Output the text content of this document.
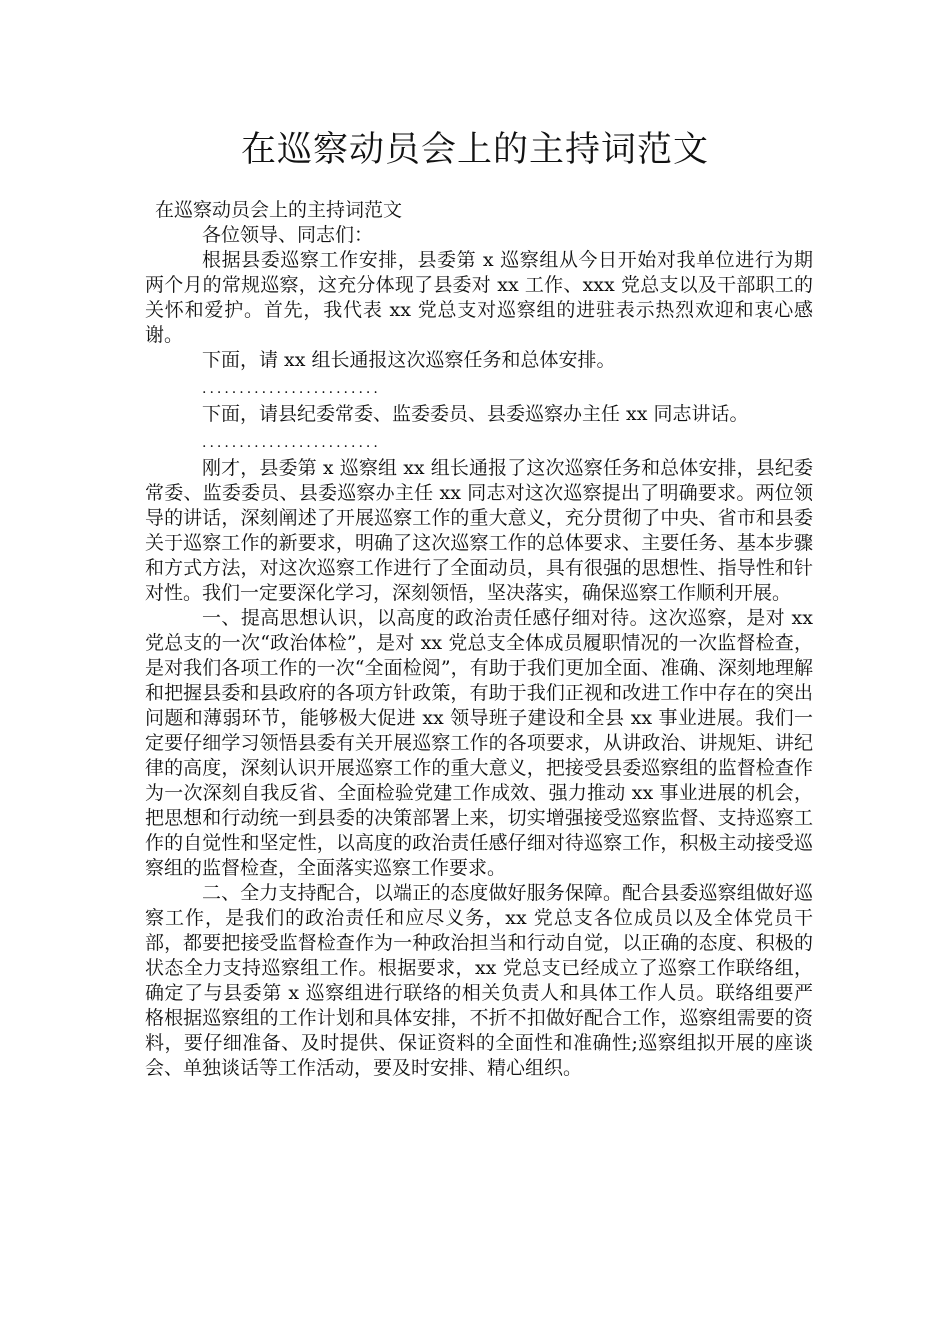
在巡察动员会上的主持词范文

在巡察动员会上的主持词范文

各位领导、同志们：

根据县委巡察工作安排，县委第 x 巡察组从今日开始对我单位进行为期两个月的常规巡察，这充分体现了县委对 xx 工作、xxx 党总支以及干部职工的关怀和爱护。首先，我代表 xx 党总支对巡察组的进驻表示热烈欢迎和衷心感谢。

下面，请 xx 组长通报这次巡察任务和总体安排。

........................

下面，请县纪委常委、监委委员、县委巡察办主任 xx 同志讲话。

........................

刚才，县委第 x 巡察组 xx 组长通报了这次巡察任务和总体安排，县纪委常委、监委委员、县委巡察办主任 xx 同志对这次巡察提出了明确要求。两位领导的讲话，深刻阐述了开展巡察工作的重大意义，充分贯彻了中央、省市和县委关于巡察工作的新要求，明确了这次巡察工作的总体要求、主要任务、基本步骤和方式方法，对这次巡察工作进行了全面动员，具有很强的思想性、指导性和针对性。我们一定要深化学习，深刻领悟，坚决落实，确保巡察工作顺利开展。

一、提高思想认识，以高度的政治责任感仔细对待。这次巡察，是对 xx 党总支的一次“政治体检”，是对 xx 党总支全体成员履职情况的一次监督检查，是对我们各项工作的一次“全面检阅”，有助于我们更加全面、准确、深刻地理解和把握县委和县政府的各项方针政策，有助于我们正视和改进工作中存在的突出问题和薄弱环节，能够极大促进 xx 领导班子建设和全县 xx 事业进展。我们一定要仔细学习领悟县委有关开展巡察工作的各项要求，从讲政治、讲规矩、讲纪律的高度，深刻认识开展巡察工作的重大意义，把接受县委巡察组的监督检查作为一次深刻自我反省、全面检验党建工作成效、强力推动 xx 事业进展的机会，把思想和行动统一到县委的决策部署上来，切实增强接受巡察监督、支持巡察工作的自觉性和坚定性，以高度的政治责任感仔细对待巡察工作，积极主动接受巡察组的监督检查，全面落实巡察工作要求。

二、全力支持配合，以端正的态度做好服务保障。配合县委巡察组做好巡察工作，是我们的政治责任和应尽义务，xx 党总支各位成员以及全体党员干部，都要把接受监督检查作为一种政治担当和行动自觉，以正确的态度、积极的状态全力支持巡察组工作。根据要求，xx 党总支已经成立了巡察工作联络组，确定了与县委第 x 巡察组进行联络的相关负责人和具体工作人员。联络组要严格根据巡察组的工作计划和具体安排，不折不扣做好配合工作，巡察组需要的资料，要仔细准备、及时提供、保证资料的全面性和准确性;巡察组拟开展的座谈会、单独谈话等工作活动，要及时安排、精心组织。
